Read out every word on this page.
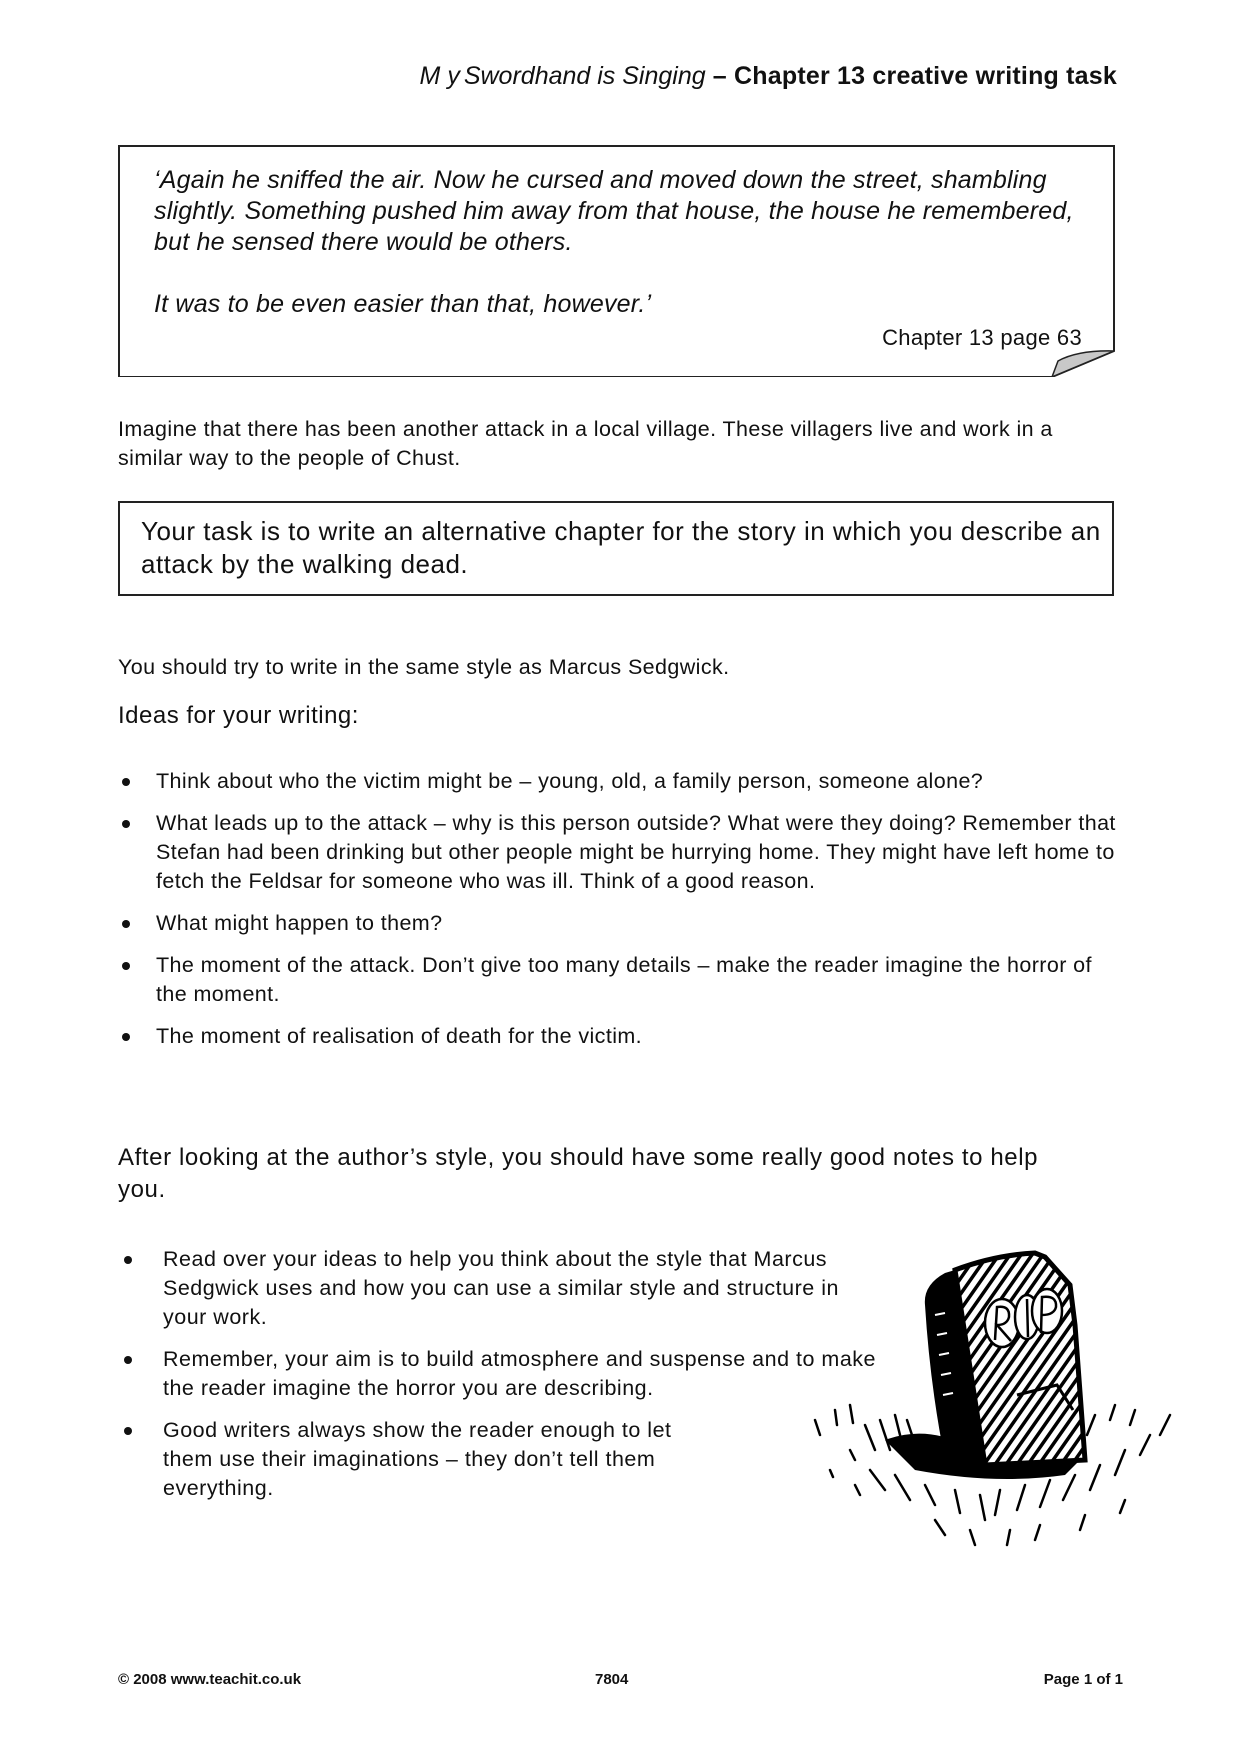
M y Swordhand is Singing – Chapter 13 creative writing task

‘Again he sniffed the air. Now he cursed and moved down the street, shambling slightly. Something pushed him away from that house, the house he remembered, but he sensed there would be others.

It was to be even easier than that, however.’

Chapter 13 page 63

Imagine that there has been another attack in a local village. These villagers live and work in a similar way to the people of Chust.

Your task is to write an alternative chapter for the story in which you describe an attack by the walking dead.

You should try to write in the same style as Marcus Sedgwick.

Ideas for your writing:
Think about who the victim might be – young, old, a family person, someone alone?
What leads up to the attack – why is this person outside? What were they doing? Remember that Stefan had been drinking but other people might be hurrying home. They might have left home to fetch the Feldsar for someone who was ill. Think of a good reason.
What might happen to them?
The moment of the attack. Don’t give too many details – make the reader imagine the horror of the moment.
The moment of realisation of death for the victim.

After looking at the author’s style, you should have some really good notes to help you.

Read over your ideas to help you think about the style that Marcus Sedgwick uses and how you can use a similar style and structure in your work.
Remember, your aim is to build atmosphere and suspense and to make the reader imagine the horror you are describing.
Good writers always show the reader enough to let them use their imaginations – they don’t tell them everything.
© 2008 www.teachit.co.uk	7804	Page 1 of 1
